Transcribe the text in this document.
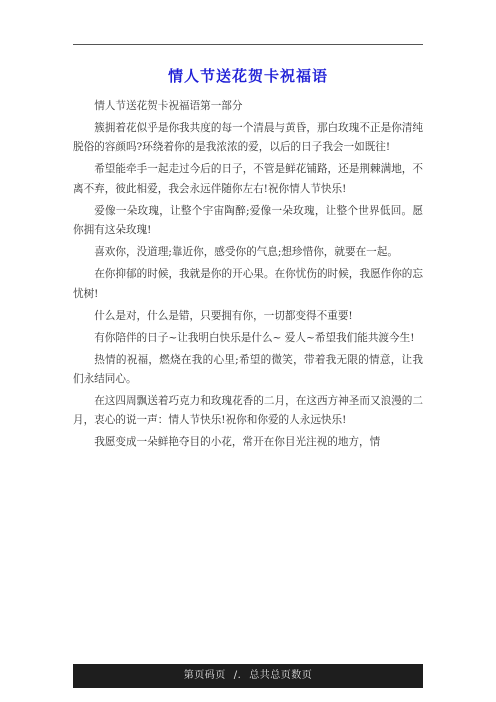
情人节送花贺卡祝福语

情人节送花贺卡祝福语第一部分

簇拥着花似乎是你我共度的每一个清晨与黄昏，那白玫瑰不正是你清纯脱俗的容颜吗?环绕着你的是我浓浓的爱，以后的日子我会一如既往!

希望能牵手一起走过今后的日子，不管是鲜花铺路，还是荆棘满地，不离不弃，彼此相爱，我会永远伴随你左右!祝你情人节快乐!

爱像一朵玫瑰，让整个宇宙陶醉;爱像一朵玫瑰，让整个世界低回。愿你拥有这朵玫瑰!

喜欢你，没道理;靠近你，感受你的气息;想珍惜你，就要在一起。

在你抑郁的时候，我就是你的开心果。在你忧伤的时候，我愿作你的忘忧树!

什么是对，什么是错，只要拥有你，一切都变得不重要!

有你陪伴的日子~让我明白快乐是什么~ 爱人~希望我们能共渡今生!

热情的祝福，燃烧在我的心里;希望的微笑，带着我无限的情意，让我们永结同心。

在这四周飘送着巧克力和玫瑰花香的二月，在这西方神圣而又浪漫的二月，衷心的说一声：情人节快乐!祝你和你爱的人永远快乐!

我愿变成一朵鲜艳夺目的小花，常开在你目光注视的地方，情

第页码页 /. 总共总页数页
